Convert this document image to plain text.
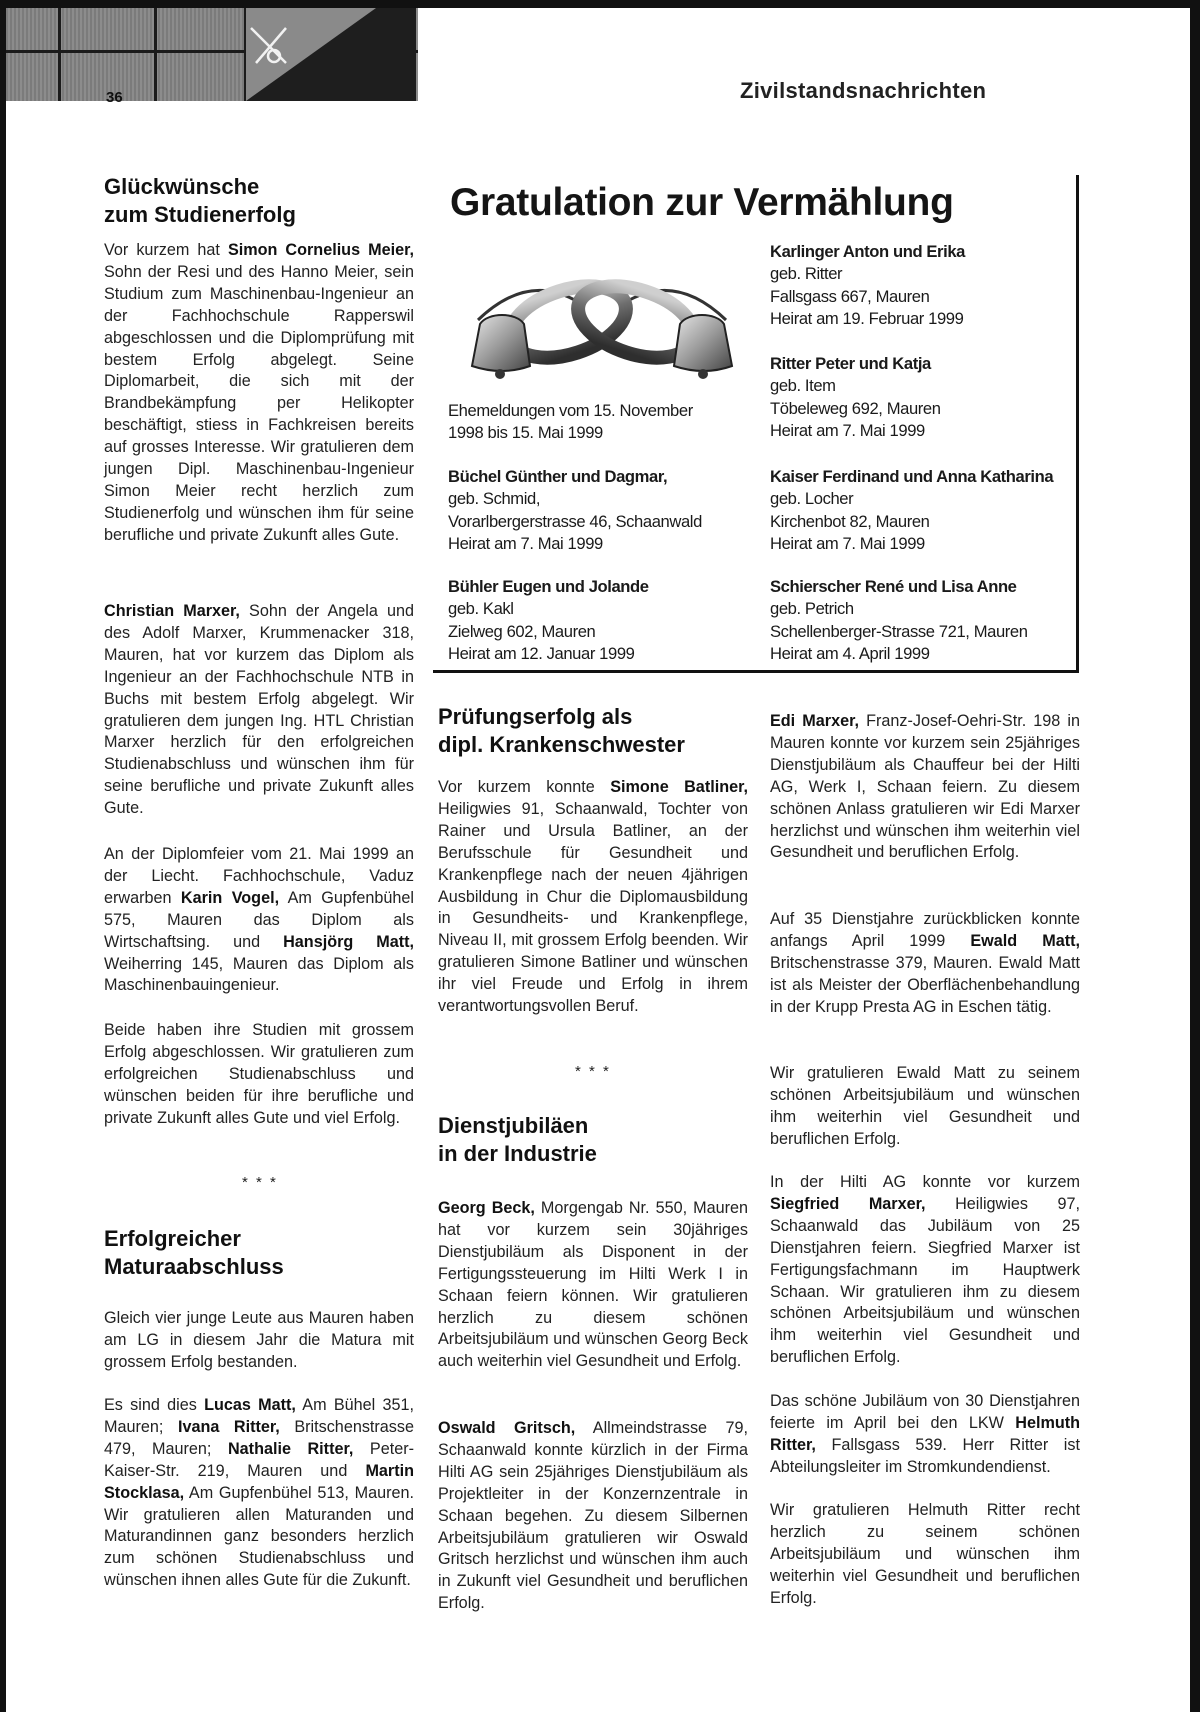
36	Zivilstandsnachrichten
Glückwünsche
zum Studienerfolg

Vor kurzem hat Simon Cornelius Meier, Sohn der Resi und des Hanno Meier, sein Studium zum Maschinenbau-Ingenieur an der Fachhochschule Rapperswil abgeschlossen und die Diplomprüfung mit bestem Erfolg abgelegt. Seine Diplomarbeit, die sich mit der Brandbekämpfung per Helikopter beschäftigt, stiess in Fachkreisen bereits auf grosses Interesse. Wir gratulieren dem jungen Dipl. Maschinenbau-Ingenieur Simon Meier recht herzlich zum Studienerfolg und wünschen ihm für seine berufliche und private Zukunft alles Gute.

Christian Marxer, Sohn der Angela und des Adolf Marxer, Krummenacker 318, Mauren, hat vor kurzem das Diplom als Ingenieur an der Fachhochschule NTB in Buchs mit bestem Erfolg abgelegt. Wir gratulieren dem jungen Ing. HTL Christian Marxer herzlich für den erfolgreichen Studienabschluss und wünschen ihm für seine berufliche und private Zukunft alles Gute.

An der Diplomfeier vom 21. Mai 1999 an der Liecht. Fachhochschule, Vaduz erwarben Karin Vogel, Am Gupfenbühel 575, Mauren das Diplom als Wirtschaftsing. und Hansjörg Matt, Weiherring 145, Mauren das Diplom als Maschinenbauingenieur.

Beide haben ihre Studien mit grossem Erfolg abgeschlossen. Wir gratulieren zum erfolgreichen Studienabschluss und wünschen beiden für ihre berufliche und private Zukunft alles Gute und viel Erfolg.

* * *
Erfolgreicher
Maturaabschluss

Gleich vier junge Leute aus Mauren haben am LG in diesem Jahr die Matura mit grossem Erfolg bestanden.

Es sind dies Lucas Matt, Am Bühel 351, Mauren; Ivana Ritter, Britschenstrasse 479, Mauren; Nathalie Ritter, Peter-Kaiser-Str. 219, Mauren und Martin Stocklasa, Am Gupfenbühel 513, Mauren. Wir gratulieren allen Maturanden und Maturandinnen ganz besonders herzlich zum schönen Studienabschluss und wünschen ihnen alles Gute für die Zukunft.

Gratulation zur Vermählung
Ehemeldungen vom 15. November
1998 bis 15. Mai 1999
Büchel Günther und Dagmar,
geb. Schmid,
Vorarlbergerstrasse 46, Schaanwald
Heirat am 7. Mai 1999
Bühler Eugen und Jolande
geb. Kakl
Zielweg 602, Mauren
Heirat am 12. Januar 1999
Karlinger Anton und Erika
geb. Ritter
Fallsgass 667, Mauren
Heirat am 19. Februar 1999
Ritter Peter und Katja
geb. Item
Töbeleweg 692, Mauren
Heirat am 7. Mai 1999
Kaiser Ferdinand und Anna Katharina
geb. Locher
Kirchenbot 82, Mauren
Heirat am 7. Mai 1999
Schierscher René und Lisa Anne
geb. Petrich
Schellenberger-Strasse 721, Mauren
Heirat am 4. April 1999
Prüfungserfolg als
dipl. Krankenschwester

Vor kurzem konnte Simone Batliner, Heiligwies 91, Schaanwald, Tochter von Rainer und Ursula Batliner, an der Berufsschule für Gesundheit und Krankenpflege nach der neuen 4jährigen Ausbildung in Chur die Diplomausbildung in Gesundheits- und Krankenpflege, Niveau II, mit grossem Erfolg beenden. Wir gratulieren Simone Batliner und wünschen ihr viel Freude und Erfolg in ihrem verantwortungsvollen Beruf.

* * *
Dienstjubiläen
in der Industrie

Georg Beck, Morgengab Nr. 550, Mauren hat vor kurzem sein 30jähriges Dienstjubiläum als Disponent in der Fertigungssteuerung im Hilti Werk I in Schaan feiern können. Wir gratulieren herzlich zu diesem schönen Arbeitsjubiläum und wünschen Georg Beck auch weiterhin viel Gesundheit und Erfolg.

Oswald Gritsch, Allmeindstrasse 79, Schaanwald konnte kürzlich in der Firma Hilti AG sein 25jähriges Dienstjubiläum als Projektleiter in der Konzernzentrale in Schaan begehen. Zu diesem Silbernen Arbeitsjubiläum gratulieren wir Oswald Gritsch herzlichst und wünschen ihm auch in Zukunft viel Gesundheit und beruflichen Erfolg.

Edi Marxer, Franz-Josef-Oehri-Str. 198 in Mauren konnte vor kurzem sein 25jähriges Dienstjubiläum als Chauffeur bei der Hilti AG, Werk I, Schaan feiern. Zu diesem schönen Anlass gratulieren wir Edi Marxer herzlichst und wünschen ihm weiterhin viel Gesundheit und beruflichen Erfolg.

Auf 35 Dienstjahre zurückblicken konnte anfangs April 1999 Ewald Matt, Britschenstrasse 379, Mauren. Ewald Matt ist als Meister der Oberflächenbehandlung in der Krupp Presta AG in Eschen tätig.

Wir gratulieren Ewald Matt zu seinem schönen Arbeitsjubiläum und wünschen ihm weiterhin viel Gesundheit und beruflichen Erfolg.

In der Hilti AG konnte vor kurzem Siegfried Marxer, Heiligwies 97, Schaanwald das Jubiläum von 25 Dienstjahren feiern. Siegfried Marxer ist Fertigungsfachmann im Hauptwerk Schaan. Wir gratulieren ihm zu diesem schönen Arbeitsjubiläum und wünschen ihm weiterhin viel Gesundheit und beruflichen Erfolg.

Das schöne Jubiläum von 30 Dienstjahren feierte im April bei den LKW Helmuth Ritter, Fallsgass 539. Herr Ritter ist Abteilungsleiter im Stromkundendienst.

Wir gratulieren Helmuth Ritter recht herzlich zu seinem schönen Arbeitsjubiläum und wünschen ihm weiterhin viel Gesundheit und beruflichen Erfolg.
